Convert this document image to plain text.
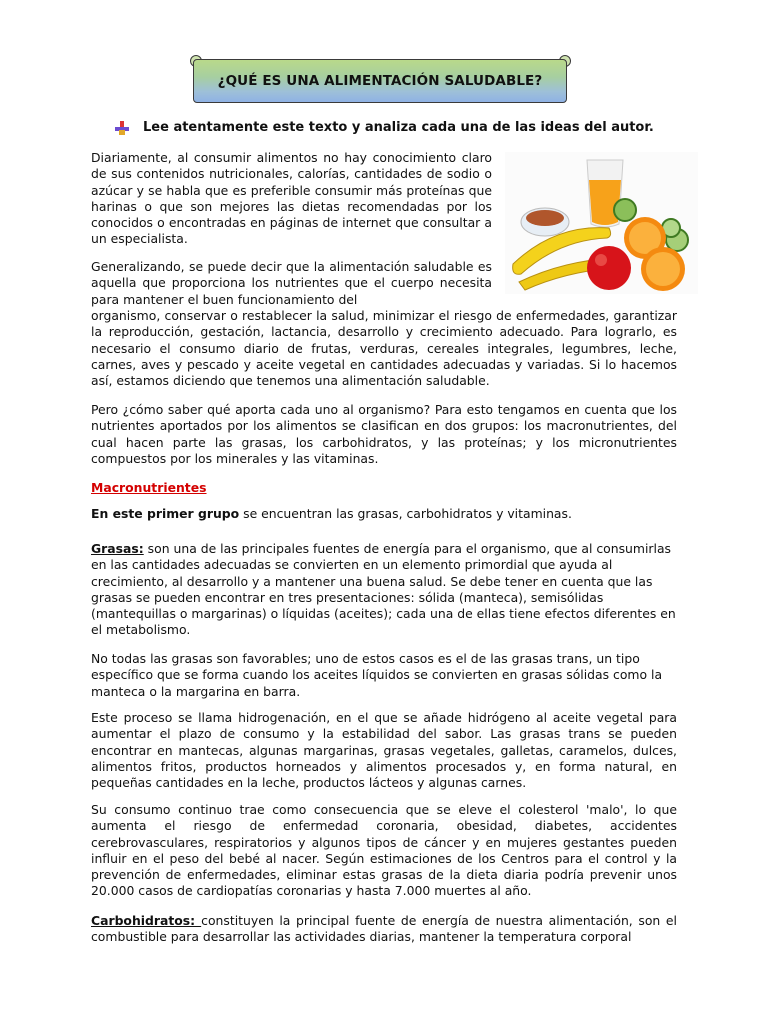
¿QUÉ ES UNA ALIMENTACIÓN SALUDABLE?
Lee atentamente este texto y analiza cada una de las ideas del autor.

Diariamente, al consumir alimentos no hay conocimiento claro de sus contenidos nutricionales, calorías, cantidades de sodio o azúcar y se habla que es preferible consumir más proteínas que harinas o que son mejores las dietas recomendadas por los conocidos o encontradas en páginas de internet que consultar a un especialista.

Generalizando, se puede decir que la alimentación saludable es aquella que proporciona los nutrientes que el cuerpo necesita para mantener el buen funcionamiento del

organismo, conservar o restablecer la salud, minimizar el riesgo de enfermedades, garantizar la reproducción, gestación, lactancia, desarrollo y crecimiento adecuado. Para lograrlo, es necesario el consumo diario de frutas, verduras, cereales integrales, legumbres, leche, carnes, aves y pescado y aceite vegetal en cantidades adecuadas y variadas. Si lo hacemos así, estamos diciendo que tenemos una alimentación saludable.

Pero ¿cómo saber qué aporta cada uno al organismo? Para esto tengamos en cuenta que los nutrientes aportados por los alimentos se clasifican en dos grupos: los macronutrientes, del cual hacen parte las grasas, los carbohidratos, y las proteínas; y los micronutrientes compuestos por los minerales y las vitaminas.

Macronutrientes

En este primer grupo se encuentran las grasas, carbohidratos y vitaminas.

Grasas: son una de las principales fuentes de energía para el organismo, que al consumirlas en las cantidades adecuadas se convierten en un elemento primordial que ayuda al crecimiento, al desarrollo y a mantener una buena salud. Se debe tener en cuenta que las grasas se pueden encontrar en tres presentaciones: sólida (manteca), semisólidas (mantequillas o margarinas) o líquidas (aceites); cada una de ellas tiene efectos diferentes en el metabolismo.

No todas las grasas son favorables; uno de estos casos es el de las grasas trans, un tipo específico que se forma cuando los aceites líquidos se convierten en grasas sólidas como la manteca o la margarina en barra.

Este proceso se llama hidrogenación, en el que se añade hidrógeno al aceite vegetal para aumentar el plazo de consumo y la estabilidad del sabor. Las grasas trans se pueden encontrar en mantecas, algunas margarinas, grasas vegetales, galletas, caramelos, dulces, alimentos fritos, productos horneados y alimentos procesados y, en forma natural, en pequeñas cantidades en la leche, productos lácteos y algunas carnes.

Su consumo continuo trae como consecuencia que se eleve el colesterol 'malo', lo que aumenta el riesgo de enfermedad coronaria, obesidad, diabetes, accidentes cerebrovasculares, respiratorios y algunos tipos de cáncer y en mujeres gestantes pueden influir en el peso del bebé al nacer. Según estimaciones de los Centros para el control y la prevención de enfermedades, eliminar estas grasas de la dieta diaria podría prevenir unos 20.000 casos de cardiopatías coronarias y hasta 7.000 muertes al año.

Carbohidratos: constituyen la principal fuente de energía de nuestra alimentación, son el combustible para desarrollar las actividades diarias, mantener la temperatura corporal
